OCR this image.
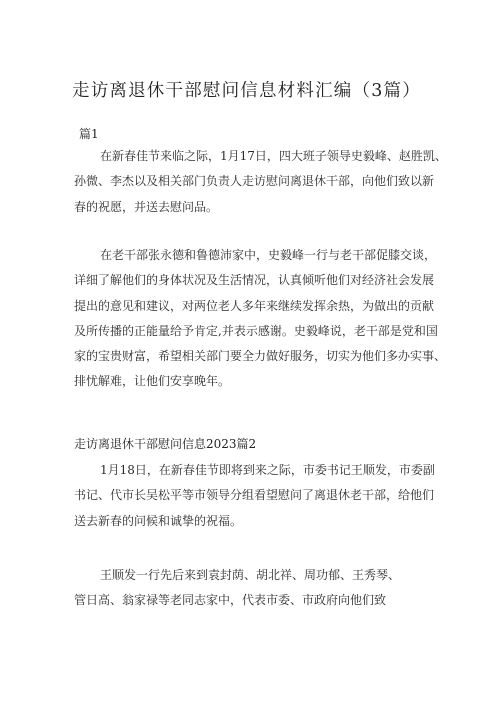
走访离退休干部慰问信息材料汇编（3篇）
篇1
在新春佳节来临之际，1月17日，四大班子领导史毅峰、赵胜凯、
孙微、李杰以及相关部门负责人走访慰问离退休干部，向他们致以新
春的祝愿，并送去慰问品。
在老干部张永德和鲁德沛家中，史毅峰一行与老干部促膝交谈，
详细了解他们的身体状况及生活情况，认真倾听他们对经济社会发展
提出的意见和建议，对两位老人多年来继续发挥余热，为做出的贡献
及所传播的正能量给予肯定,并表示感谢。史毅峰说，老干部是党和国
家的宝贵财富，希望相关部门要全力做好服务，切实为他们多办实事、
排忧解难，让他们安享晚年。
走访离退休干部慰问信息2023篇2
1月18日，在新春佳节即将到来之际，市委书记王顺发，市委副
书记、代市长吴松平等市领导分组看望慰问了离退休老干部，给他们
送去新春的问候和诚挚的祝福。
王顺发一行先后来到袁封荫、胡北祥、周功郁、王秀琴、
管日高、翁家禄等老同志家中，代表市委、市政府向他们致
